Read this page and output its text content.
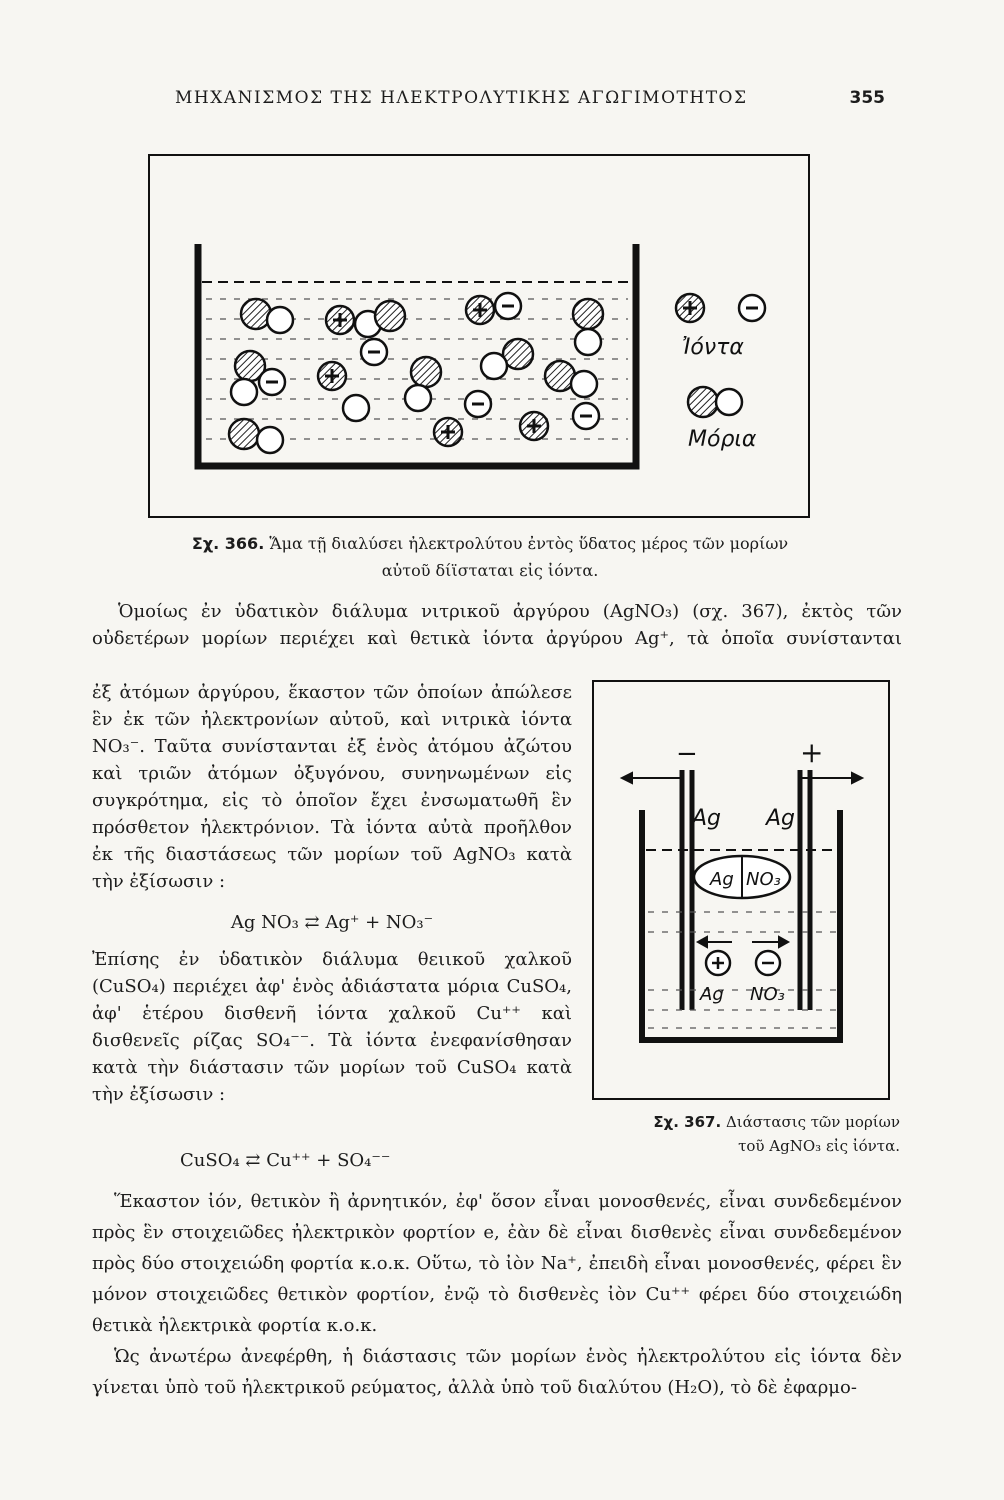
ΜΗΧΑΝΙΣΜΟΣ ΤΗΣ ΗΛΕΚΤΡΟΛΥΤΙΚΗΣ ΑΓΩΓΙΜΟΤΗΤΟΣ	355
Ἰόντα
Μόρια
Σχ. 366. Ἅμα τῇ διαλύσει ἠλεκτρολύτου ἐντὸς ὕδατος μέρος τῶν μορίων
αὐτοῦ δίϊσταται εἰς ἰόντα.
Ὁμοίως ἐν ὑδατικὸν διάλυμα νιτρικοῦ ἀργύρου (AgNO₃) (σχ. 367), ἐκτὸς τῶν
οὐδετέρων μορίων περιέχει καὶ θετικὰ ἰόντα ἀργύρου Ag⁺, τὰ ὁποῖα συνίστανται

ἐξ ἀτόμων ἀργύρου, ἕκαστον τῶν ὁποίων ἀπώλεσε ἓν ἐκ τῶν ἠλεκτρονίων αὐτοῦ, καὶ νιτρικὰ ἰόντα NO₃⁻. Ταῦτα συνίστανται ἐξ ἑνὸς ἀτόμου ἀζώτου καὶ τριῶν ἀτόμων ὀξυγόνου, συνηνωμένων εἰς συγκρότημα, εἰς τὸ ὁποῖον ἔχει ἐνσωματωθῆ ἓν πρόσθετον ἠλεκτρόνιον. Τὰ ἰόντα αὐτὰ προῆλθον ἐκ τῆς διαστάσεως τῶν μορίων τοῦ AgNO₃ κατὰ τὴν ἐξίσωσιν :

Ag NO₃ ⇄ Ag⁺ + NO₃⁻

Ἐπίσης ἐν ὑδατικὸν διάλυμα θειικοῦ χαλκοῦ (CuSO₄) περιέχει ἀφ' ἑνὸς ἀδιάστατα μόρια CuSO₄, ἀφ' ἑτέρου δισθενῆ ἰόντα χαλκοῦ Cu⁺⁺ καὶ δισθενεῖς ρίζας SO₄⁻⁻. Τὰ ἰόντα ἐνεφανίσθησαν κατὰ τὴν διάστασιν τῶν μορίων τοῦ CuSO₄ κατὰ τὴν ἐξίσωσιν :

−	+
Ag Ag
Ag NO₃
Ag NO₃
Σχ. 367. Διάστασις τῶν μορίων
τοῦ AgNO₃ εἰς ἰόντα.
CuSO₄ ⇄ Cu⁺⁺ + SO₄⁻⁻

Ἕκαστον ἰόν, θετικὸν ἢ ἀρνητικόν, ἐφ' ὅσον εἶναι μονοσθενές, εἶναι συνδεδεμένον πρὸς ἓν στοιχειῶδες ἠλεκτρικὸν φορτίον e, ἐὰν δὲ εἶναι δισθενὲς εἶναι συνδεδεμένον πρὸς δύο στοιχειώδη φορτία κ.ο.κ. Οὕτω, τὸ ἰὸν Na⁺, ἐπειδὴ εἶναι μονοσθενές, φέρει ἓν μόνον στοιχειῶδες θετικὸν φορτίον, ἐνῷ τὸ δισθενὲς ἰὸν Cu⁺⁺ φέρει δύο στοιχειώδη θετικὰ ἠλεκτρικὰ φορτία κ.ο.κ.

Ὡς ἀνωτέρω ἀνεφέρθη, ἡ διάστασις τῶν μορίων ἑνὸς ἠλεκτρολύτου εἰς ἰόντα δὲν γίνεται ὑπὸ τοῦ ἠλεκτρικοῦ ρεύματος, ἀλλὰ ὑπὸ τοῦ διαλύτου (H₂O), τὸ δὲ ἐφαρμο-
